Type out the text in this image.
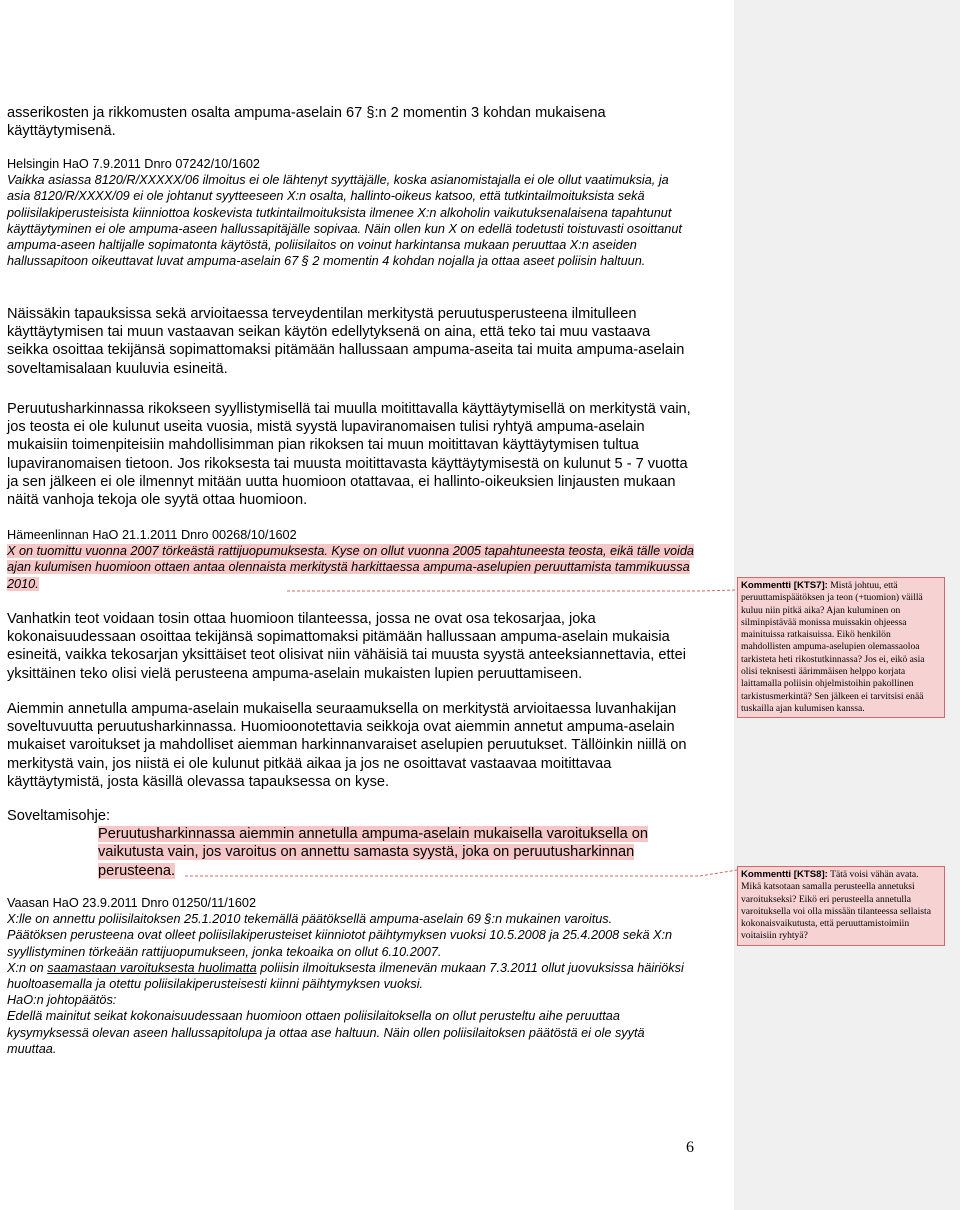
asserikosten ja rikkomusten osalta ampuma-aselain 67 §:n 2 momentin 3 kohdan mukaisena käyttäytymisenä.

Helsingin HaO 7.9.2011 Dnro 07242/10/1602

Vaikka asiassa 8120/R/XXXXX/06 ilmoitus ei ole lähtenyt syyttäjälle, koska asianomistajalla ei ole ollut vaatimuksia, ja asia 8120/R/XXXX/09 ei ole johtanut syytteeseen X:n osalta, hallinto-oikeus katsoo, että tutkintailmoituksista sekä poliisilakiperusteisista kiinniottoa koskevista tutkintailmoituksista ilmenee X:n alkoholin vaikutuksenalaisena tapahtunut käyttäytyminen ei ole ampuma-aseen hallussapitäjälle sopivaa. Näin ollen kun X on edellä todetusti toistuvasti osoittanut ampuma-aseen haltijalle sopimatonta käytöstä, poliisilaitos on voinut harkintansa mukaan peruuttaa X:n aseiden hallussapitoon oikeuttavat luvat ampuma-aselain 67 § 2 momentin 4 kohdan nojalla ja ottaa aseet poliisin haltuun.

Näissäkin tapauksissa sekä arvioitaessa terveydentilan merkitystä peruutusperusteena ilmitulleen käyttäytymisen tai muun vastaavan seikan käytön edellytyksenä on aina, että teko tai muu vastaava seikka osoittaa tekijänsä sopimattomaksi pitämään hallussaan ampuma-aseita tai muita ampuma-aselain soveltamisalaan kuuluvia esineitä.

Peruutusharkinnassa rikokseen syyllistymisellä tai muulla moitittavalla käyttäytymisellä on merkitystä vain, jos teosta ei ole kulunut useita vuosia, mistä syystä lupaviranomaisen tulisi ryhtyä ampuma-aselain mukaisiin toimenpiteisiin mahdollisimman pian rikoksen tai muun moitittavan käyttäytymisen tultua lupaviranomaisen tietoon. Jos rikoksesta tai muusta moitittavasta käyttäytymisestä on kulunut 5 - 7 vuotta ja sen jälkeen ei ole ilmennyt mitään uutta huomioon otattavaa, ei hallinto-oikeuksien linjausten mukaan näitä vanhoja tekoja ole syytä ottaa huomioon.

Hämeenlinnan HaO 21.1.2011 Dnro 00268/10/1602

X on tuomittu vuonna 2007 törkeästä rattijuopumuksesta. Kyse on ollut vuonna 2005 tapahtuneesta teosta, eikä tälle voida ajan kulumisen huomioon ottaen antaa olennaista merkitystä harkittaessa ampuma-aselupien peruuttamista tammikuussa 2010.

Vanhatkin teot voidaan tosin ottaa huomioon tilanteessa, jossa ne ovat osa tekosarjaa, joka kokonaisuudessaan osoittaa tekijänsä sopimattomaksi pitämään hallussaan ampuma-aselain mukaisia esineitä, vaikka tekosarjan yksittäiset teot olisivat niin vähäisiä tai muusta syystä anteeksiannettavia, ettei yksittäinen teko olisi vielä perusteena ampuma-aselain mukaisten lupien peruuttamiseen.

Aiemmin annetulla ampuma-aselain mukaisella seuraamuksella on merkitystä arvioitaessa luvanhakijan soveltuvuutta peruutusharkinnassa. Huomioonotettavia seikkoja ovat aiemmin annetut ampuma-aselain mukaiset varoitukset ja mahdolliset aiemman harkinnanvaraiset aselupien peruutukset. Tällöinkin niillä on merkitystä vain, jos niistä ei ole kulunut pitkää aikaa ja jos ne osoittavat vastaavaa moitittavaa käyttäytymistä, josta käsillä olevassa tapauksessa on kyse.

Soveltamisohje:

Peruutusharkinnassa aiemmin annetulla ampuma-aselain mukaisella varoituksella on vaikutusta vain, jos varoitus on annettu samasta syystä, joka on peruutusharkinnan perusteena.

Vaasan HaO 23.9.2011 Dnro 01250/11/1602

X:lle on annettu poliisilaitoksen 25.1.2010 tekemällä päätöksellä ampuma-aselain 69 §:n mukainen varoitus.

Päätöksen perusteena ovat olleet poliisilakiperusteiset kiinniotot päihtymyksen vuoksi 10.5.2008 ja 25.4.2008 sekä X:n syyllistyminen törkeään rattijuopumukseen, jonka tekoaika on ollut 6.10.2007.

X:n on saamastaan varoituksesta huolimatta poliisin ilmoituksesta ilmenevän mukaan 7.3.2011 ollut juovuksissa häiriöksi huoltoasemalla ja otettu poliisilakiperusteisesti kiinni päihtymyksen vuoksi.

HaO:n johtopäätös:

Edellä mainitut seikat kokonaisuudessaan huomioon ottaen poliisilaitoksella on ollut perusteltu aihe peruuttaa kysymyksessä olevan aseen hallussapitolupa ja ottaa ase haltuun. Näin ollen poliisilaitoksen päätöstä ei ole syytä muuttaa.

Kommentti [KTS7]: Mistä johtuu, että peruuttamispäätöksen ja teon (+tuomion) väillä kuluu niin pitkä aika? Ajan kuluminen on silminpistävää monissa muissakin ohjeessa mainituissa ratkaisuissa. Eikö henkilön mahdollisten ampuma-aselupien olemassaoloa tarkisteta heti rikostutkinnassa? Jos ei, eikö asia olisi teknisesti äärimmäisen helppo korjata laittamalla poliisin ohjelmistoihin pakollinen tarkistusmerkintä? Sen jälkeen ei tarvitsisi enää tuskailla ajan kulumisen kanssa.
Kommentti [KTS8]: Tätä voisi vähän avata. Mikä katsotaan samalla perusteella annetuksi varoitukseksi? Eikö eri perusteella annetulla varoituksella voi olla missään tilanteessa sellaista kokonaisvaikutusta, että peruuttamistoimiin voitaisiin ryhtyä?
6
